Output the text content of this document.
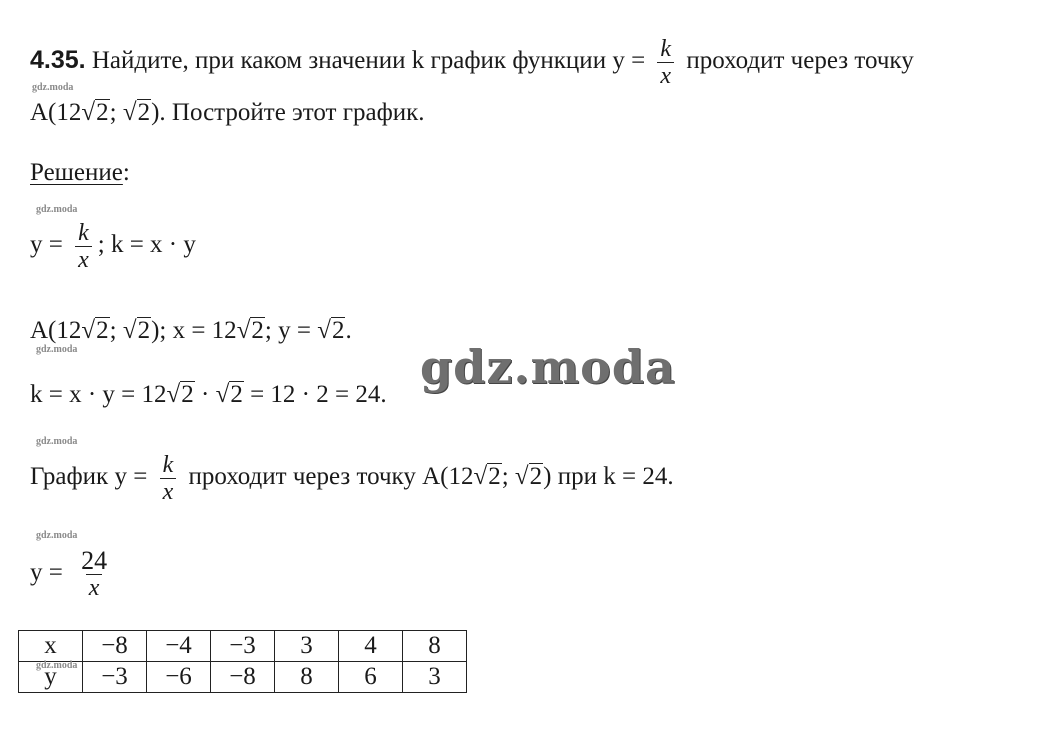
4.35. Найдите, при каком значении k график функции $y = \frac{k}{x}$ проходит через точку
gdz.moda
A(12√2; √2). Постройте этот график.
Решение:
gdz.moda
$y = \frac{k}{x}$ ; k = x · y
A(12√2; √2); x = 12√2; y = √2.
gdz.moda	gdz.moda
k = x · y = 12√2 · √2 = 12 · 2 = 24.
gdz.moda
График $y = \frac{k}{x}$ проходит через точку A(12√2; √2) при k = 24.
gdz.moda
$y = \frac{24}{x}$
x	−8	−4	−3	3	4	8
y	−3	−6	−8	8	6	3
gdz.moda
